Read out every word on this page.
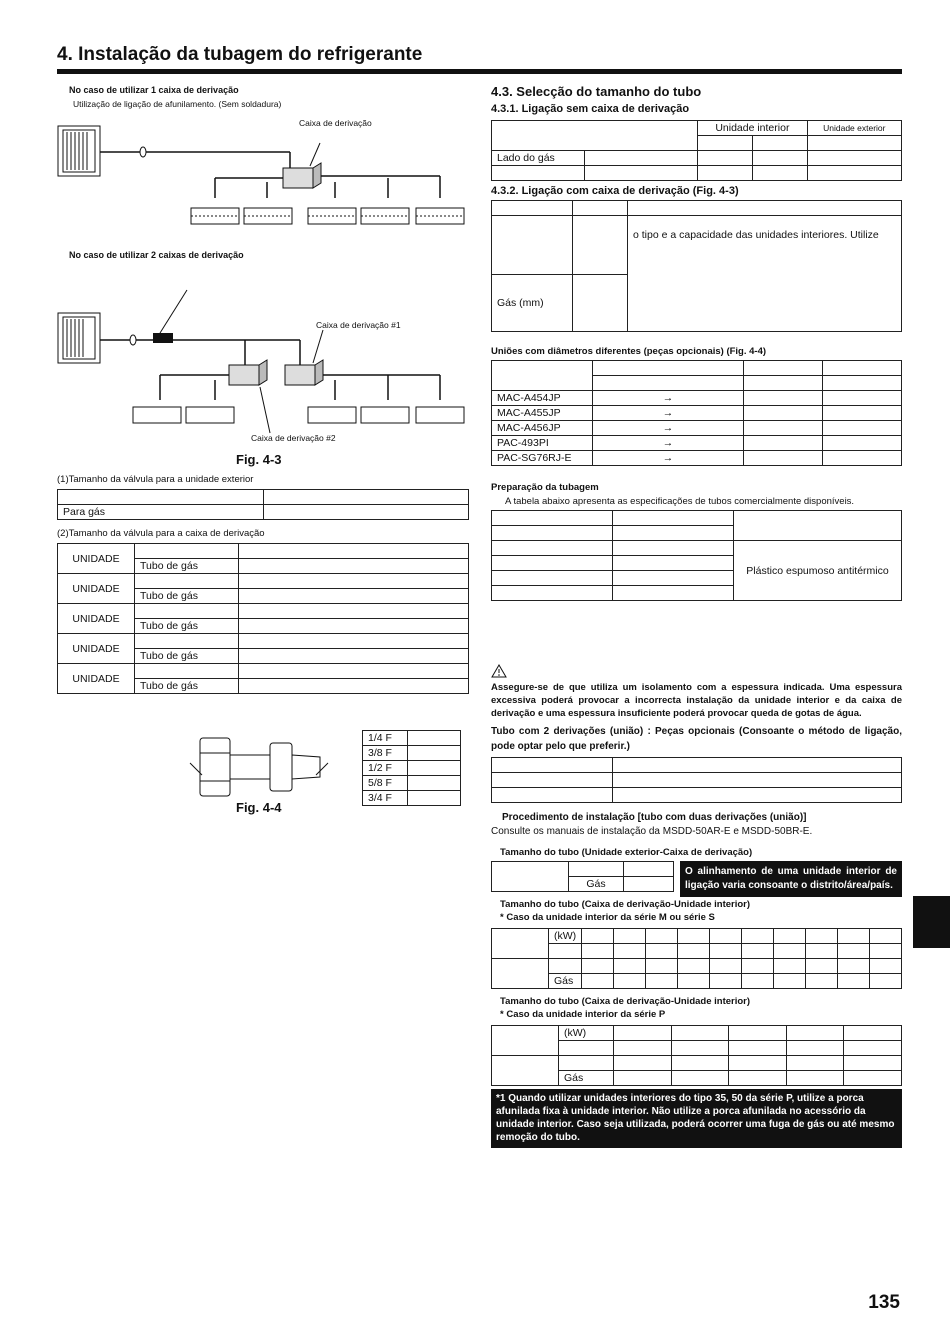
4. Instalação da tubagem do refrigerante
No caso de utilizar 1 caixa de derivação
Utilização de ligação de afunilamento. (Sem soldadura)
Caixa de derivação
No caso de utilizar 2 caixas de derivação
Caixa de derivação #1
Caixa de derivação #2
Fig. 4-3
(1)Tamanho da válvula para a unidade exterior

Para gás	
(2)Tamanho da válvula para a caixa de derivação
UNIDADE		
	Tubo de gás	
UNIDADE		
	Tubo de gás	
UNIDADE		
	Tubo de gás	
UNIDADE		
	Tubo de gás	
UNIDADE		
	Tubo de gás	
Fig. 4-4
1/4 F	
3/8 F	
1/2 F	
5/8 F	
3/4 F	
4.3. Selecção do tamanho do tubo
4.3.1. Ligação sem caixa de derivação
		Unidade interior		Unidade exterior

Lado do gás				

4.3.2. Ligação com caixa de derivação (Fig. 4-3)

		o tipo e a capacidade das unidades interiores. Utilize
Gás (mm)		
Uniões com diâmetros diferentes (peças opcionais) (Fig. 4-4)

MAC-A454JP	→		
MAC-A455JP	→		
MAC-A456JP	→		
PAC-493PI	→		
PAC-SG76RJ-E	→		
Preparação da tubagem
A tabela abaixo apresenta as especificações de tubos comercialmente disponíveis.

		Plástico espumoso antitérmico

Assegure-se de que utiliza um isolamento com a espessura indicada. Uma espessura excessiva poderá provocar a incorrecta instalação da unidade interior e da caixa de derivação e uma espessura insuficiente poderá provocar queda de gotas de água.
Tubo com 2 derivações (união) : Peças opcionais (Consoante o método de ligação, pode optar pelo que preferir.)

Procedimento de instalação [tubo com duas derivações (união)]
Consulte os manuais de instalação da MSDD-50AR-E e MSDD-50BR-E.
Tamanho do tubo (Unidade exterior-Caixa de derivação)

	Gás	
O alinhamento de uma unidade interior de ligação varia consoante o distrito/área/país.
Tamanho do tubo (Caixa de derivação-Unidade interior)
* Caso da unidade interior da série M ou série S
	(kW)										

	Gás										
Tamanho do tubo (Caixa de derivação-Unidade interior)
* Caso da unidade interior da série P
	(kW)					

	Gás					
*1 Quando utilizar unidades interiores do tipo 35, 50 da série P, utilize a porca afunilada fixa à unidade interior. Não utilize a porca afunilada no acessório da unidade interior. Caso seja utilizada, poderá ocorrer uma fuga de gás ou até mesmo remoção do tubo.
135
